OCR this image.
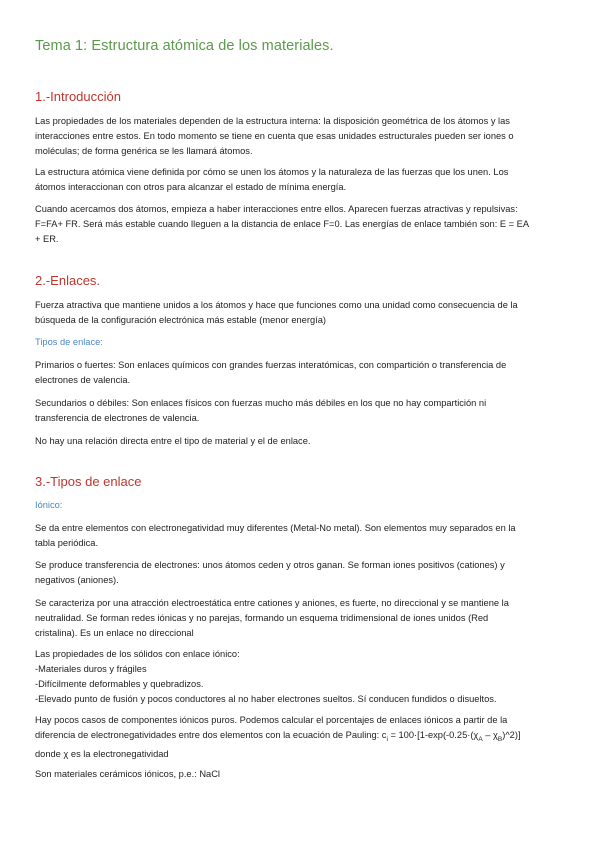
Tema 1: Estructura atómica de los materiales.
1.-Introducción
Las propiedades de los materiales dependen de la estructura interna: la disposición geométrica de los átomos y las
interacciones entre estos. En todo momento se tiene en cuenta que esas unidades estructurales pueden ser iones o
moléculas; de forma genérica se les llamará átomos.
La estructura atómica viene definida por cómo se unen los átomos y la naturaleza de las fuerzas que los unen. Los
átomos interaccionan con otros para alcanzar el estado de mínima energía.
Cuando acercamos dos átomos, empieza a haber interacciones entre ellos. Aparecen fuerzas atractivas y repulsivas:
F=FA+ FR. Será más estable cuando lleguen a la distancia de enlace F=0. Las energías de enlace también son: E = EA
+ ER.
2.-Enlaces.
Fuerza atractiva que mantiene unidos a los átomos y hace que funciones como una unidad como consecuencia de la
búsqueda de la configuración electrónica más estable (menor energía)
Tipos de enlace:
Primarios o fuertes: Son enlaces químicos con grandes fuerzas interatómicas, con compartición o transferencia de
electrones de valencia.
Secundarios o débiles: Son enlaces físicos con fuerzas mucho más débiles en los que no hay compartición ni
transferencia de electrones de valencia.
No hay una relación directa entre el tipo de material y el de enlace.
3.-Tipos de enlace
Iónico:
Se da entre elementos con electronegatividad muy diferentes (Metal-No metal). Son elementos muy separados en la
tabla periódica.
Se produce transferencia de electrones: unos átomos ceden y otros ganan. Se forman iones positivos (cationes) y
negativos (aniones).
Se caracteriza por una atracción electroestática entre cationes y aniones, es fuerte, no direccional y se mantiene la
neutralidad. Se forman redes iónicas y no parejas, formando un esquema tridimensional de iones unidos (Red
cristalina). Es un enlace no direccional
Las propiedades de los sólidos con enlace iónico:
-Materiales duros y frágiles
-Difícilmente deformables y quebradizos.
-Elevado punto de fusión y pocos conductores al no haber electrones sueltos. Sí conducen fundidos o disueltos.
Hay pocos casos de componentes iónicos puros. Podemos calcular el porcentajes de enlaces iónicos a partir de la
diferencia de electronegatividades entre dos elementos con la ecuación de Pauling: $c_i = 100\cdot[1-\exp(-0.25\cdot(\chi_A$ – $\chi_B)\^{}2$)]
donde χ es la electronegatividad
Son materiales cerámicos iónicos, p.e.: NaCl
